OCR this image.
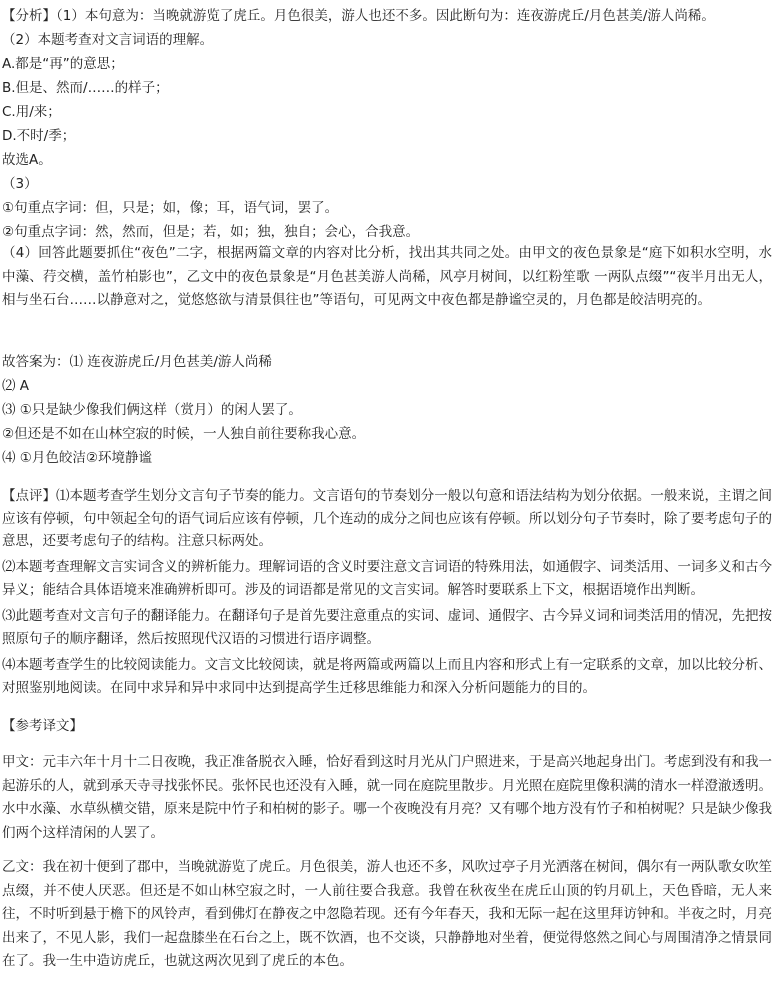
【分析】（1）本句意为：当晚就游览了虎丘。月色很美，游人也还不多。因此断句为：连夜游虎丘/月色甚美/游人尚稀。
（2）本题考查对文言词语的理解。
A.都是“再”的意思；
B.但是、然而/……的样子；
C.用/来；
D.不时/季；
故选A。
（3）
①句重点字词：但，只是；如，像；耳，语气词，罢了。
②句重点字词：然，然而，但是；若，如；独，独自；会心，合我意。
（4）回答此题要抓住“夜色”二字，根据两篇文章的内容对比分析，找出其共同之处。由甲文的夜色景象是“庭下如积水空明，水中藻、荇交横，盖竹柏影也”，乙文中的夜色景象是“月色甚美游人尚稀，风亭月树间，以红粉笙歌 一两队点缀”“夜半月出无人，相与坐石台……以静意对之，觉悠悠欲与清景俱往也”等语句，可见两文中夜色都是静谧空灵的，月色都是皎洁明亮的。
故答案为：⑴ 连夜游虎丘/月色甚美/游人尚稀
⑵ A
⑶ ①只是缺少像我们俩这样（赏月）的闲人罢了。
②但还是不如在山林空寂的时候，一人独自前往要称我心意。
⑷ ①月色皎洁②环境静谧
【点评】⑴本题考查学生划分文言句子节奏的能力。文言语句的节奏划分一般以句意和语法结构为划分依据。一般来说，主谓之间应该有停顿，句中领起全句的语气词后应该有停顿，几个连动的成分之间也应该有停顿。所以划分句子节奏时，除了要考虑句子的意思，还要考虑句子的结构。注意只标两处。
⑵本题考查理解文言实词含义的辨析能力。理解词语的含义时要注意文言词语的特殊用法，如通假字、词类活用、一词多义和古今异义；能结合具体语境来准确辨析即可。涉及的词语都是常见的文言实词。解答时要联系上下文，根据语境作出判断。
⑶此题考查对文言句子的翻译能力。在翻译句子是首先要注意重点的实词、虚词、通假字、古今异义词和词类活用的情况，先把按照原句子的顺序翻译，然后按照现代汉语的习惯进行语序调整。
⑷本题考查学生的比较阅读能力。文言文比较阅读，就是将两篇或两篇以上而且内容和形式上有一定联系的文章，加以比较分析、对照鉴别地阅读。在同中求异和异中求同中达到提高学生迁移思维能力和深入分析问题能力的目的。
【参考译文】
甲文：元丰六年十月十二日夜晚，我正准备脱衣入睡，恰好看到这时月光从门户照进来，于是高兴地起身出门。考虑到没有和我一起游乐的人，就到承天寺寻找张怀民。张怀民也还没有入睡，就一同在庭院里散步。月光照在庭院里像积满的清水一样澄澈透明。水中水藻、水草纵横交错，原来是院中竹子和柏树的影子。哪一个夜晚没有月亮？又有哪个地方没有竹子和柏树呢？只是缺少像我们两个这样清闲的人罢了。
乙文：我在初十便到了郡中，当晚就游览了虎丘。月色很美，游人也还不多，风吹过亭子月光洒落在树间，偶尔有一两队歌女吹笙点缀，并不使人厌恶。但还是不如山林空寂之时，一人前往要合我意。我曾在秋夜坐在虎丘山顶的钓月矶上，天色昏暗，无人来往，不时听到悬于檐下的风铃声，看到佛灯在静夜之中忽隐若现。还有今年春天，我和无际一起在这里拜访钟和。半夜之时，月亮出来了，不见人影，我们一起盘膝坐在石台之上，既不饮酒，也不交谈，只静静地对坐着，便觉得悠然之间心与周围清净之情景同在了。我一生中造访虎丘，也就这两次见到了虎丘的本色。
